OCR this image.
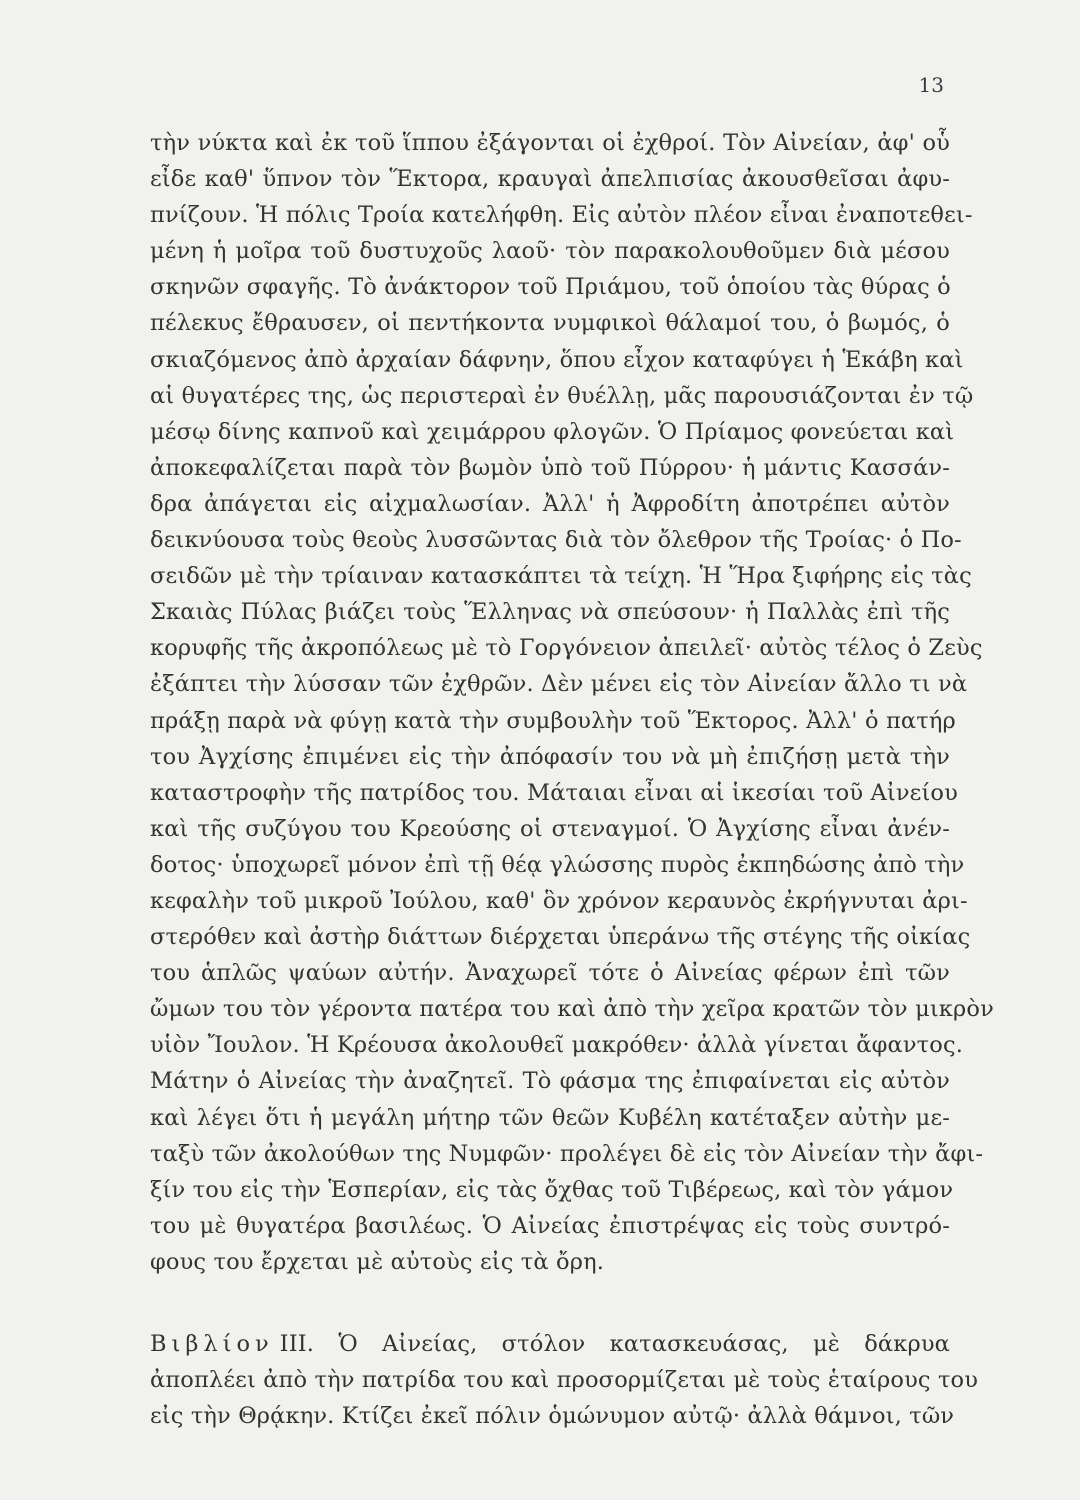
13
τὴν νύκτα καὶ ἐκ τοῦ ἵππου ἐξάγονται οἱ ἐχθροί. Τὸν Αἰνείαν, ἀφ' οὗ
εἶδε καθ' ὕπνον τὸν Ἕκτορα, κραυγαὶ ἀπελπισίας ἀκουσθεῖσαι ἀφυ-
πνίζουν. Ἡ πόλις Τροία κατελήφθη. Εἰς αὐτὸν πλέον εἶναι ἐναποτεθει-
μένη ἡ μοῖρα τοῦ δυστυχοῦς λαοῦ· τὸν παρακολουθοῦμεν διὰ μέσου
σκηνῶν σφαγῆς. Τὸ ἀνάκτορον τοῦ Πριάμου, τοῦ ὁποίου τὰς θύρας ὁ
πέλεκυς ἔθραυσεν, οἱ πεντήκοντα νυμφικοὶ θάλαμοί του, ὁ βωμός, ὁ
σκιαζόμενος ἀπὸ ἀρχαίαν δάφνην, ὅπου εἶχον καταφύγει ἡ Ἑκάβη καὶ
αἱ θυγατέρες της, ὡς περιστεραὶ ἐν θυέλλῃ, μᾶς παρουσιάζονται ἐν τῷ
μέσῳ δίνης καπνοῦ καὶ χειμάρρου φλογῶν. Ὁ Πρίαμος φονεύεται καὶ
ἀποκεφαλίζεται παρὰ τὸν βωμὸν ὑπὸ τοῦ Πύρρου· ἡ μάντις Κασσάν-
δρα ἀπάγεται εἰς αἰχμαλωσίαν. Ἀλλ' ἡ Ἀφροδίτη ἀποτρέπει αὐτὸν
δεικνύουσα τοὺς θεοὺς λυσσῶντας διὰ τὸν ὄλεθρον τῆς Τροίας· ὁ Πο-
σειδῶν μὲ τὴν τρίαιναν κατασκάπτει τὰ τείχη. Ἡ Ἥρα ξιφήρης εἰς τὰς
Σκαιὰς Πύλας βιάζει τοὺς Ἕλληνας νὰ σπεύσουν· ἡ Παλλὰς ἐπὶ τῆς
κορυφῆς τῆς ἀκροπόλεως μὲ τὸ Γοργόνειον ἀπειλεῖ· αὐτὸς τέλος ὁ Ζεὺς
ἐξάπτει τὴν λύσσαν τῶν ἐχθρῶν. Δὲν μένει εἰς τὸν Αἰνείαν ἄλλο τι νὰ
πράξῃ παρὰ νὰ φύγῃ κατὰ τὴν συμβουλὴν τοῦ Ἕκτορος. Ἀλλ' ὁ πατήρ
του Ἀγχίσης ἐπιμένει εἰς τὴν ἀπόφασίν του νὰ μὴ ἐπιζήσῃ μετὰ τὴν
καταστροφὴν τῆς πατρίδος του. Μάταιαι εἶναι αἱ ἱκεσίαι τοῦ Αἰνείου
καὶ τῆς συζύγου του Κρεούσης οἱ στεναγμοί. Ὁ Ἀγχίσης εἶναι ἀνέν-
δοτος· ὑποχωρεῖ μόνον ἐπὶ τῇ θέᾳ γλώσσης πυρὸς ἐκπηδώσης ἀπὸ τὴν
κεφαλὴν τοῦ μικροῦ Ἰούλου, καθ' ὃν χρόνον κεραυνὸς ἐκρήγνυται ἀρι-
στερόθεν καὶ ἀστὴρ διάττων διέρχεται ὑπεράνω τῆς στέγης τῆς οἰκίας
του ἁπλῶς ψαύων αὐτήν. Ἀναχωρεῖ τότε ὁ Αἰνείας φέρων ἐπὶ τῶν
ὤμων του τὸν γέροντα πατέρα του καὶ ἀπὸ τὴν χεῖρα κρατῶν τὸν μικρὸν
υἱὸν Ἴουλον. Ἡ Κρέουσα ἀκολουθεῖ μακρόθεν· ἀλλὰ γίνεται ἄφαντος.
Μάτην ὁ Αἰνείας τὴν ἀναζητεῖ. Τὸ φάσμα της ἐπιφαίνεται εἰς αὐτὸν
καὶ λέγει ὅτι ἡ μεγάλη μήτηρ τῶν θεῶν Κυβέλη κατέταξεν αὐτὴν με-
ταξὺ τῶν ἀκολούθων της Νυμφῶν· προλέγει δὲ εἰς τὸν Αἰνείαν τὴν ἄφι-
ξίν του εἰς τὴν Ἑσπερίαν, εἰς τὰς ὄχθας τοῦ Τιβέρεως, καὶ τὸν γάμον
του μὲ θυγατέρα βασιλέως. Ὁ Αἰνείας ἐπιστρέψας εἰς τοὺς συντρό-
φους του ἔρχεται μὲ αὐτοὺς εἰς τὰ ὄρη.
Βιβλίον ΙΙΙ. Ὁ Αἰνείας, στόλον κατασκευάσας, μὲ δάκρυα
ἀποπλέει ἀπὸ τὴν πατρίδα του καὶ προσορμίζεται μὲ τοὺς ἑταίρους του
εἰς τὴν Θρᾴκην. Κτίζει ἐκεῖ πόλιν ὁμώνυμον αὐτῷ· ἀλλὰ θάμνοι, τῶν
